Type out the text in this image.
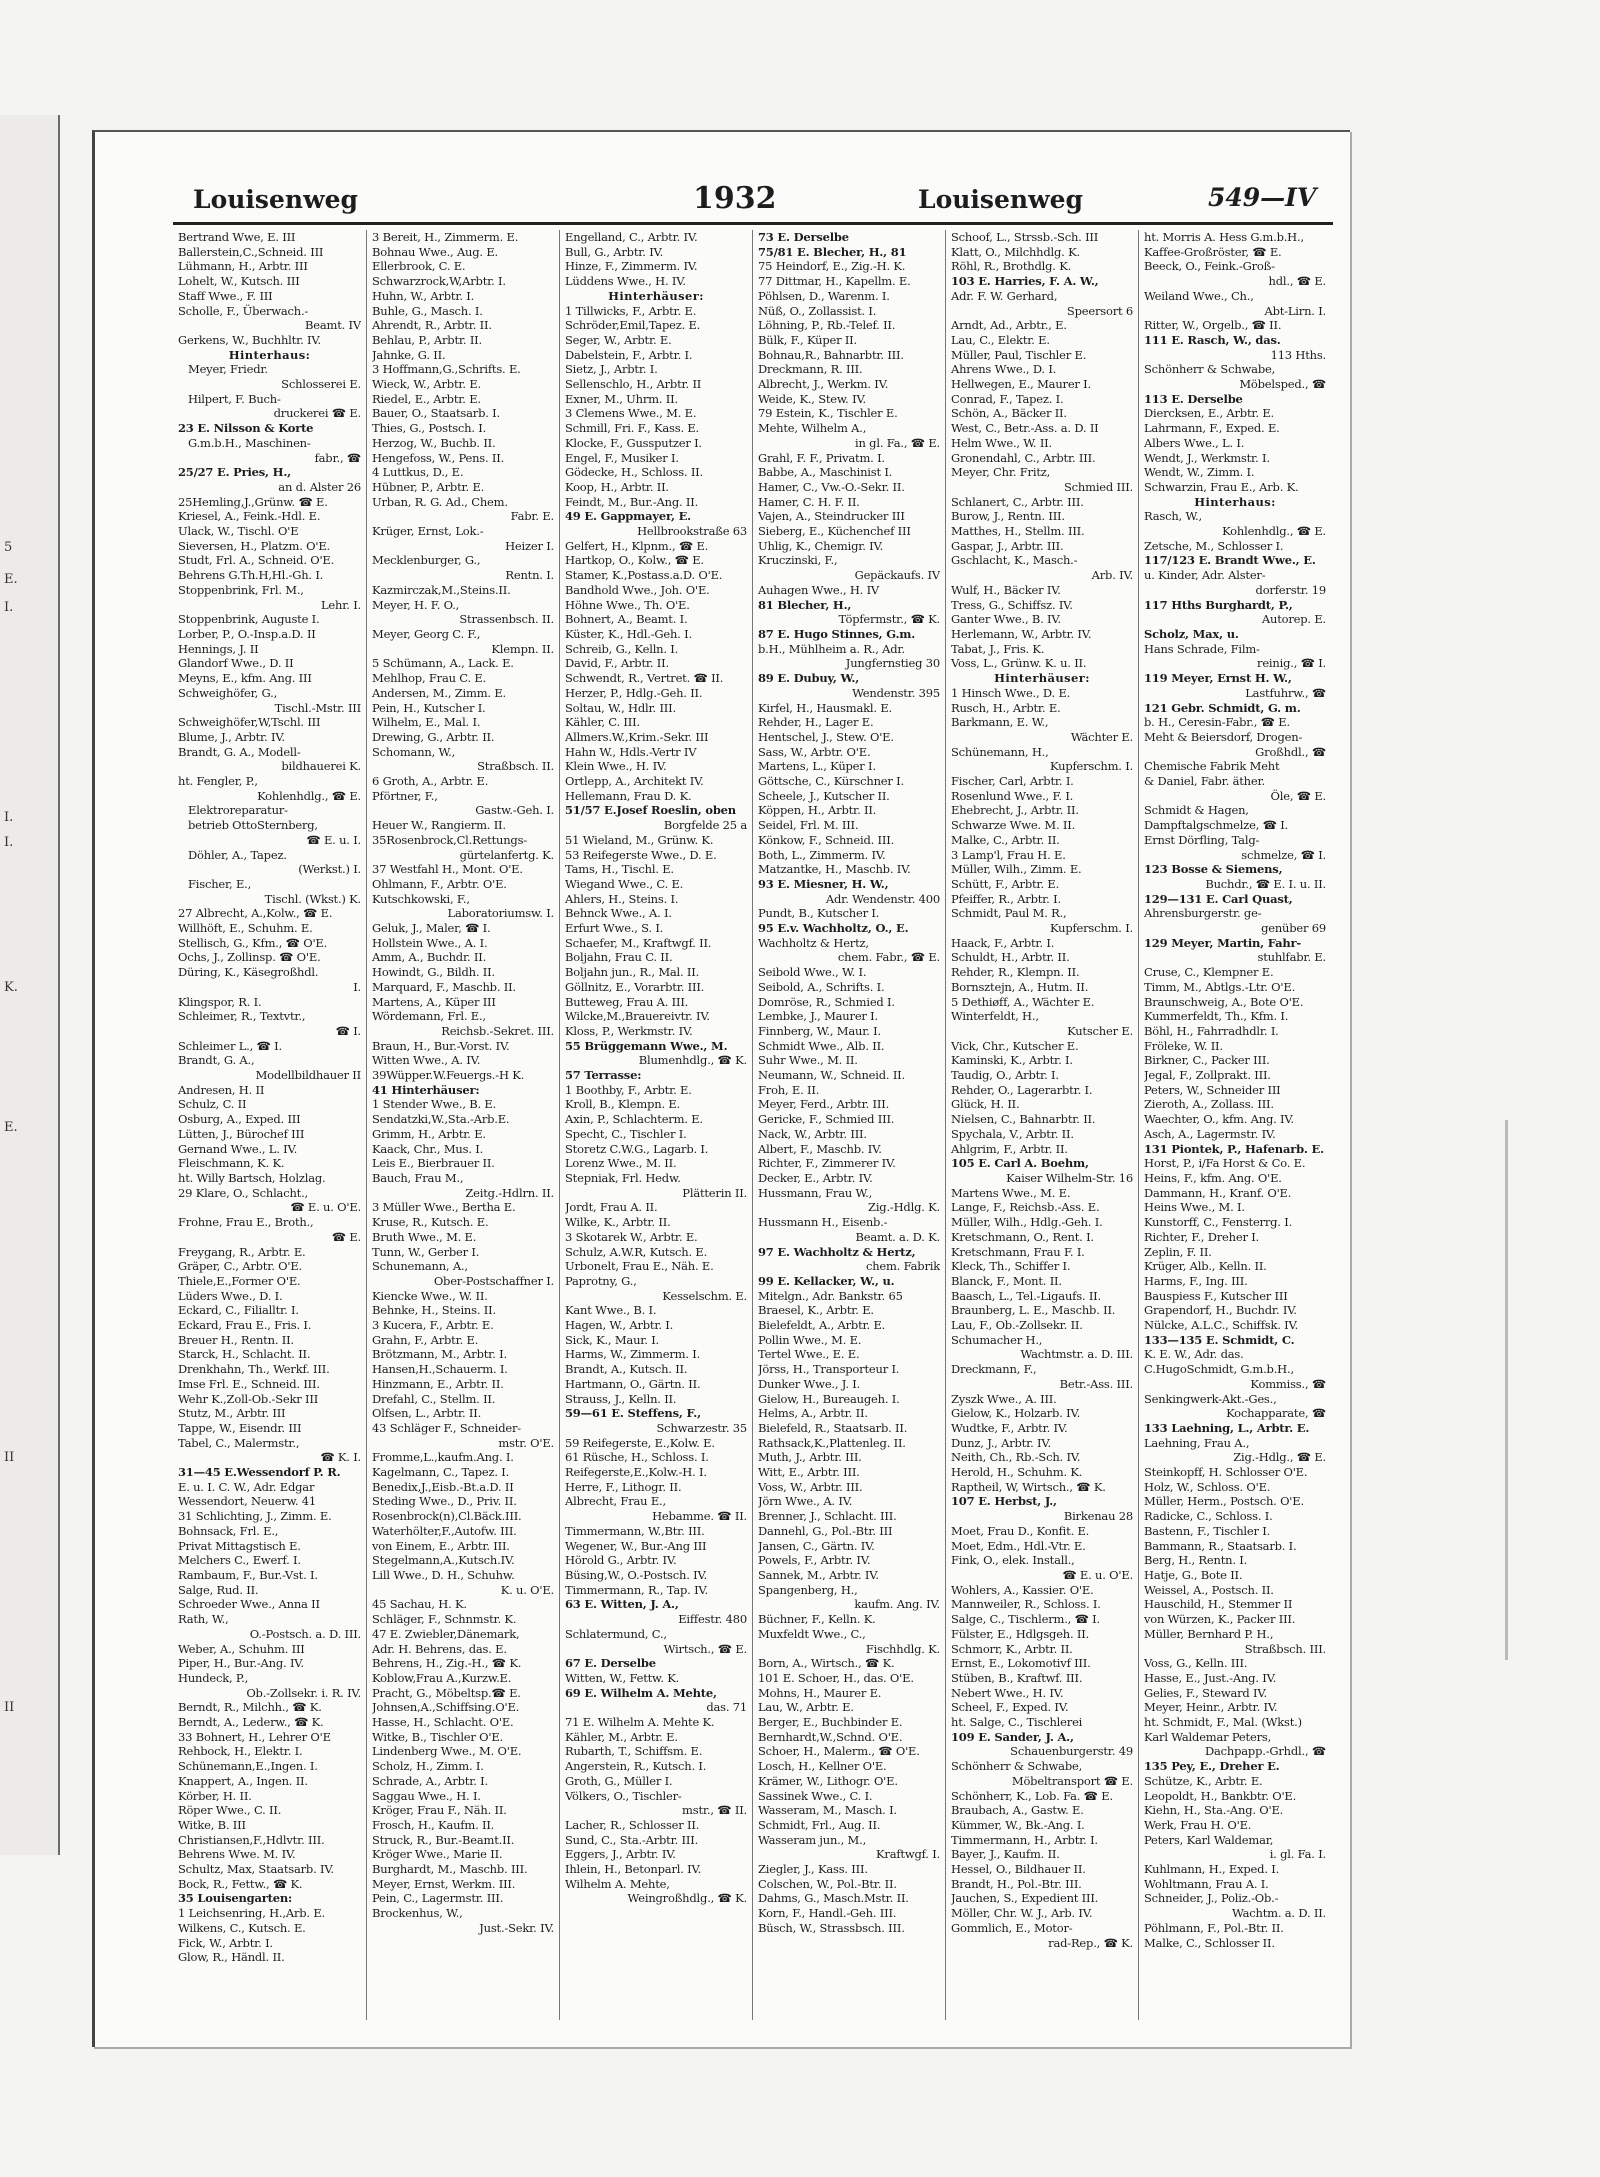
5
E.
I.
I.
I.
K.
E.
II
II
Louisenweg	1932	Louisenweg	549—IV
Bertrand Wwe, E. III
Ballerstein,C.,Schneid. III
Lühmann, H., Arbtr. III
Lohelt, W., Kutsch. III
Staff Wwe., F. III
Scholle, F., Überwach.-
Beamt. IV
Gerkens, W., Buchhltr. IV.
Hinterhaus:
Meyer, Friedr.
Schlosserei E.
Hilpert, F. Buch-
druckerei ☎ E.
23 E. Nilsson & Korte
G.m.b.H., Maschinen-
fabr., ☎
25/27 E. Pries, H.,
an d. Alster 26
25Hemling,J.,Grünw. ☎ E.
Kriesel, A., Feink.-Hdl. E.
Ulack, W., Tischl. O'E
Sieversen, H., Platzm. O'E.
Studt, Frl. A., Schneid. O'E.
Behrens G.Th.H,Hl.-Gh. I.
Stoppenbrink, Frl. M.,
Lehr. I.
Stoppenbrink, Auguste I.
Lorber, P., O.-Insp.a.D. II
Hennings, J. II
Glandorf Wwe., D. II
Meyns, E., kfm. Ang. III
Schweighöfer, G.,
Tischl.-Mstr. III
Schweighöfer,W,Tschl. III
Blume, J., Arbtr. IV.
Brandt, G. A., Modell-
bildhauerei K.
ht. Fengler, P.,
Kohlenhdlg., ☎ E.
Elektroreparatur-
betrieb OttoSternberg,
☎ E. u. I.
Döhler, A., Tapez.
(Werkst.) I.
Fischer, E.,
Tischl. (Wkst.) K.
27 Albrecht, A.,Kolw., ☎ E.
Willhöft, E., Schuhm. E.
Stellisch, G., Kfm., ☎ O'E.
Ochs, J., Zollinsp. ☎ O'E.
Düring, K., Käsegroßhdl.
I.
Klingspor, R. I.
Schleimer, R., Textvtr.,
☎ I.
Schleimer L., ☎ I.
Brandt, G. A.,
Modellbildhauer II
Andresen, H. II
Schulz, C. II
Osburg, A., Exped. III
Lütten, J., Bürochef III
Gernand Wwe., L. IV.
Fleischmann, K. K.
ht. Willy Bartsch, Holzlag.
29 Klare, O., Schlacht.,
☎ E. u. O'E.
Frohne, Frau E., Broth.,
☎ E.
Freygang, R., Arbtr. E.
Gräper, C., Arbtr. O'E.
Thiele,E.,Former O'E.
Lüders Wwe., D. I.
Eckard, C., Filialltr. I.
Eckard, Frau E., Fris. I.
Breuer H., Rentn. II.
Starck, H., Schlacht. II.
Drenkhahn, Th., Werkf. III.
Imse Frl. E., Schneid. III.
Wehr K.,Zoll-Ob.-Sekr III
Stutz, M., Arbtr. III
Tappe, W., Eisendr. III
Tabel, C., Malermstr.,
☎ K. I.
31—45 E.Wessendorf P. R.
E. u. I. C. W., Adr. Edgar
Wessendort, Neuerw. 41
31 Schlichting, J., Zimm. E.
Bohnsack, Frl. E.,
Privat Mittagstisch E.
Melchers C., Ewerf. I.
Rambaum, F., Bur.-Vst. I.
Salge, Rud. II.
Schroeder Wwe., Anna II
Rath, W.,
O.-Postsch. a. D. III.
Weber, A., Schuhm. III
Piper, H., Bur.-Ang. IV.
Hundeck, P.,
Ob.-Zollsekr. i. R. IV.
Berndt, R., Milchh., ☎ K.
Berndt, A., Lederw., ☎ K.
33 Bohnert, H., Lehrer O'E
Rehbock, H., Elektr. I.
Schünemann,E.,Ingen. I.
Knappert, A., Ingen. II.
Körber, H. II.
Röper Wwe., C. II.
Witke, B. III
Christiansen,F.,Hdlvtr. III.
Behrens Wwe. M. IV.
Schultz, Max, Staatsarb. IV.
Bock, R., Fettw., ☎ K.
35 Louisengarten:
1 Leichsenring, H.,Arb. E.
Wilkens, C., Kutsch. E.
Fick, W., Arbtr. I.
Glow, R., Händl. II.
3 Bereit, H., Zimmerm. E.
Bohnau Wwe., Aug. E.
Ellerbrook, C. E.
Schwarzrock,W,Arbtr. I.
Huhn, W., Arbtr. I.
Buhle, G., Masch. I.
Ahrendt, R., Arbtr. II.
Behlau, P., Arbtr. II.
Jahnke, G. II.
3 Hoffmann,G.,Schrifts. E.
Wieck, W., Arbtr. E.
Riedel, E., Arbtr. E.
Bauer, O., Staatsarb. I.
Thies, G., Postsch. I.
Herzog, W., Buchb. II.
Hengefoss, W., Pens. II.
4 Luttkus, D., E.
Hübner, P., Arbtr. E.
Urban, R. G. Ad., Chem.
Fabr. E.
Krüger, Ernst, Lok.-
Heizer I.
Mecklenburger, G.,
Rentn. I.
Kazmirczak,M.,Steins.II.
Meyer, H. F. O.,
Strassenbsch. II.
Meyer, Georg C. F.,
Klempn. II.
5 Schümann, A., Lack. E.
Mehlhop, Frau C. E.
Andersen, M., Zimm. E.
Pein, H., Kutscher I.
Wilhelm, E., Mal. I.
Drewing, G., Arbtr. II.
Schomann, W.,
Straßbsch. II.
6 Groth, A., Arbtr. E.
Pförtner, F.,
Gastw.-Geh. I.
Heuer W., Rangierm. II.
35Rosenbrock,Cl.Rettungs-
gürtelanfertg. K.
37 Westfahl H., Mont. O'E.
Ohlmann, F., Arbtr. O'E.
Kutschkowski, F.,
Laboratoriumsw. I.
Geluk, J., Maler, ☎ I.
Hollstein Wwe., A. I.
Amm, A., Buchdr. II.
Howindt, G., Bildh. II.
Marquard, F., Maschb. II.
Martens, A., Küper III
Wördemann, Frl. E.,
Reichsb.-Sekret. III.
Braun, H., Bur.-Vorst. IV.
Witten Wwe., A. IV.
39Wüpper.W.Feuergs.-H K.
41 Hinterhäuser:
1 Stender Wwe., B. E.
Sendatzki,W.,Sta.-Arb.E.
Grimm, H., Arbtr. E.
Kaack, Chr., Mus. I.
Leis E., Bierbrauer II.
Bauch, Frau M.,
Zeitg.-Hdlrn. II.
3 Müller Wwe., Bertha E.
Kruse, R., Kutsch. E.
Bruth Wwe., M. E.
Tunn, W., Gerber I.
Schunemann, A.,
Ober-Postschaffner I.
Kiencke Wwe., W. II.
Behnke, H., Steins. II.
3 Kucera, F., Arbtr. E.
Grahn, F., Arbtr. E.
Brötzmann, M., Arbtr. I.
Hansen,H.,Schauerm. I.
Hinzmann, E., Arbtr. II.
Drefahl, C., Stellm. II.
Olfsen, L., Arbtr. II.
43 Schläger F., Schneider-
mstr. O'E.
Fromme,L.,kaufm.Ang. I.
Kagelmann, C., Tapez. I.
Benedix,J.,Eisb.-Bt.a.D. II
Steding Wwe., D., Priv. II.
Rosenbrock(n),Cl.Bäck.III.
Waterhölter,F.,Autofw. III.
von Einem, E., Arbtr. III.
Stegelmann,A.,Kutsch.IV.
Lill Wwe., D. H., Schuhw.
K. u. O'E.
45 Sachau, H. K.
Schläger, F., Schnmstr. K.
47 E. Zwiebler,Dänemark,
Adr. H. Behrens, das. E.
Behrens, H., Zig.-H., ☎ K.
Koblow,Frau A.,Kurzw.E.
Pracht, G., Möbeltsp.☎ E.
Johnsen,A.,Schiffsing.O'E.
Hasse, H., Schlacht. O'E.
Witke, B., Tischler O'E.
Lindenberg Wwe., M. O'E.
Scholz, H., Zimm. I.
Schrade, A., Arbtr. I.
Saggau Wwe., H. I.
Kröger, Frau F., Näh. II.
Frosch, H., Kaufm. II.
Struck, R., Bur.-Beamt.II.
Kröger Wwe., Marie II.
Burghardt, M., Maschb. III.
Meyer, Ernst, Werkm. III.
Pein, C., Lagermstr. III.
Brockenhus, W.,
Just.-Sekr. IV.
Engelland, C., Arbtr. IV.
Bull, G., Arbtr. IV.
Hinze, F., Zimmerm. IV.
Lüddens Wwe., H. IV.
Hinterhäuser:
1 Tillwicks, F., Arbtr. E.
Schröder,Emil,Tapez. E.
Seger, W., Arbtr. E.
Dabelstein, F., Arbtr. I.
Sietz, J., Arbtr. I.
Sellenschlo, H., Arbtr. II
Exner, M., Uhrm. II.
3 Clemens Wwe., M. E.
Schmill, Fri. F., Kass. E.
Klocke, F., Gussputzer I.
Engel, F., Musiker I.
Gödecke, H., Schloss. II.
Koop, H., Arbtr. II.
Feindt, M., Bur.-Ang. II.
49 E. Gappmayer, E.
Hellbrookstraße 63
Gelfert, H., Klpnm., ☎ E.
Hartkop, O., Kolw., ☎ E.
Stamer, K.,Postass.a.D. O'E.
Bandhold Wwe., Joh. O'E.
Höhne Wwe., Th. O'E.
Bohnert, A., Beamt. I.
Küster, K., Hdl.-Geh. I.
Schreib, G., Kelln. I.
David, F., Arbtr. II.
Schwendt, R., Vertret. ☎ II.
Herzer, P., Hdlg.-Geh. II.
Soltau, W., Hdlr. III.
Kähler, C. III.
Allmers.W.,Krim.-Sekr. III
Hahn W., Hdls.-Vertr IV
Klein Wwe., H. IV.
Ortlepp, A., Architekt IV.
Hellemann, Frau D. K.
51/57 E.Josef Roeslin, oben
Borgfelde 25 a
51 Wieland, M., Grünw. K.
53 Reifegerste Wwe., D. E.
Tams, H., Tischl. E.
Wiegand Wwe., C. E.
Ahlers, H., Steins. I.
Behnck Wwe., A. I.
Erfurt Wwe., S. I.
Schaefer, M., Kraftwgf. II.
Boljahn, Frau C. II.
Boljahn jun., R., Mal. II.
Göllnitz, E., Vorarbtr. III.
Butteweg, Frau A. III.
Wilcke,M.,Brauereivtr. IV.
Kloss, P., Werkmstr. IV.
55 Brüggemann Wwe., M.
Blumenhdlg., ☎ K.
57 Terrasse:
1 Boothby, F., Arbtr. E.
Kroll, B., Klempn. E.
Axin, P., Schlachterm. E.
Specht, C., Tischler I.
Storetz C.W.G., Lagarb. I.
Lorenz Wwe., M. II.
Stepniak, Frl. Hedw.
Plätterin II.
Jordt, Frau A. II.
Wilke, K., Arbtr. II.
3 Skotarek W., Arbtr. E.
Schulz, A.W.R, Kutsch. E.
Urbonelt, Frau E., Näh. E.
Paprotny, G.,
Kesselschm. E.
Kant Wwe., B. I.
Hagen, W., Arbtr. I.
Sick, K., Maur. I.
Harms, W., Zimmerm. I.
Brandt, A., Kutsch. II.
Hartmann, O., Gärtn. II.
Strauss, J., Kelln. II.
59—61 E. Steffens, F.,
Schwarzestr. 35
59 Reifegerste, E.,Kolw. E.
61 Rüsche, H., Schloss. I.
Reifegerste,E.,Kolw.-H. I.
Herre, F., Lithogr. II.
Albrecht, Frau E.,
Hebamme. ☎ II.
Timmermann, W.,Btr. III.
Wegener, W., Bur.-Ang III
Hörold G., Arbtr. IV.
Büsing,W., O.-Postsch. IV.
Timmermann, R., Tap. IV.
63 E. Witten, J. A.,
Eiffestr. 480
Schlatermund, C.,
Wirtsch., ☎ E.
67 E. Derselbe
Witten, W., Fettw. K.
69 E. Wilhelm A. Mehte,
das. 71
71 E. Wilhelm A. Mehte K.
Kähler, M., Arbtr. E.
Rubarth, T., Schiffsm. E.
Angerstein, R., Kutsch. I.
Groth, G., Müller I.
Völkers, O., Tischler-
mstr., ☎ II.
Lacher, R., Schlosser II.
Sund, C., Sta.-Arbtr. III.
Eggers, J., Arbtr. IV.
Ihlein, H., Betonparl. IV.
Wilhelm A. Mehte,
Weingroßhdlg., ☎ K.
73 E. Derselbe
75/81 E. Blecher, H., 81
75 Heindorf, E., Zig.-H. K.
77 Dittmar, H., Kapellm. E.
Pöhlsen, D., Warenm. I.
Nüß, O., Zollassist. I.
Löhning, P., Rb.-Telef. II.
Bülk, F., Küper II.
Bohnau,R., Bahnarbtr. III.
Dreckmann, R. III.
Albrecht, J., Werkm. IV.
Weide, K., Stew. IV.
79 Estein, K., Tischler E.
Mehte, Wilhelm A.,
in gl. Fa., ☎ E.
Grahl, F. F., Privatm. I.
Babbe, A., Maschinist I.
Hamer, C., Vw.-O.-Sekr. II.
Hamer, C. H. F. II.
Vajen, A., Steindrucker III
Sieberg, E., Küchenchef III
Uhlig, K., Chemigr. IV.
Kruczinski, F.,
Gepäckaufs. IV
Auhagen Wwe., H. IV
81 Blecher, H.,
Töpfermstr., ☎ K.
87 E. Hugo Stinnes, G.m.
b.H., Mühlheim a. R., Adr.
Jungfernstieg 30
89 E. Dubuy, W.,
Wendenstr. 395
Kirfel, H., Hausmakl. E.
Rehder, H., Lager E.
Hentschel, J., Stew. O'E.
Sass, W., Arbtr. O'E.
Martens, L., Küper I.
Göttsche, C., Kürschner I.
Scheele, J., Kutscher II.
Köppen, H., Arbtr. II.
Seidel, Frl. M. III.
Könkow, F., Schneid. III.
Both, L., Zimmerm. IV.
Matzantke, H., Maschb. IV.
93 E. Miesner, H. W.,
Adr. Wendenstr. 400
Pundt, B., Kutscher I.
95 E.v. Wachholtz, O., E.
Wachholtz & Hertz,
chem. Fabr., ☎ E.
Seibold Wwe., W. I.
Seibold, A., Schrifts. I.
Domröse, R., Schmied I.
Lembke, J., Maurer I.
Finnberg, W., Maur. I.
Schmidt Wwe., Alb. II.
Suhr Wwe., M. II.
Neumann, W., Schneid. II.
Froh, E. II.
Meyer, Ferd., Arbtr. III.
Gericke, F., Schmied III.
Nack, W., Arbtr. III.
Albert, F., Maschb. IV.
Richter, F., Zimmerer IV.
Decker, E., Arbtr. IV.
Hussmann, Frau W.,
Zig.-Hdlg. K.
Hussmann H., Eisenb.-
Beamt. a. D. K.
97 E. Wachholtz & Hertz,
chem. Fabrik
99 E. Kellacker, W., u.
Mitelgn., Adr. Bankstr. 65
Braesel, K., Arbtr. E.
Bielefeldt, A., Arbtr. E.
Pollin Wwe., M. E.
Tertel Wwe., E. E.
Jörss, H., Transporteur I.
Dunker Wwe., J. I.
Gielow, H., Bureaugeh. I.
Helms, A., Arbtr. II.
Bielefeld, R., Staatsarb. II.
Rathsack,K.,Plattenleg. II.
Muth, J., Arbtr. III.
Witt, E., Arbtr. III.
Voss, W., Arbtr. III.
Jörn Wwe., A. IV.
Brenner, J., Schlacht. III.
Dannehl, G., Pol.-Btr. III
Jansen, C., Gärtn. IV.
Powels, F., Arbtr. IV.
Sannek, M., Arbtr. IV.
Spangenberg, H.,
kaufm. Ang. IV.
Büchner, F., Kelln. K.
Muxfeldt Wwe., C.,
Fischhdlg. K.
Born, A., Wirtsch., ☎ K.
101 E. Schoer, H., das. O'E.
Mohns, H., Maurer E.
Lau, W., Arbtr. E.
Berger, E., Buchbinder E.
Bernhardt,W.,Schnd. O'E.
Schoer, H., Malerm., ☎ O'E.
Losch, H., Kellner O'E.
Krämer, W., Lithogr. O'E.
Sassinek Wwe., C. I.
Wasseram, M., Masch. I.
Schmidt, Frl., Aug. II.
Wasseram jun., M.,
Kraftwgf. I.
Ziegler, J., Kass. III.
Colschen, W., Pol.-Btr. II.
Dahms, G., Masch.Mstr. II.
Korn, F., Handl.-Geh. III.
Büsch, W., Strassbsch. III.
Schoof, L., Strssb.-Sch. III
Klatt, O., Milchhdlg. K.
Röhl, R., Brothdlg. K.
103 E. Harries, F. A. W.,
Adr. F. W. Gerhard,
Speersort 6
Arndt, Ad., Arbtr., E.
Lau, C., Elektr. E.
Müller, Paul, Tischler E.
Ahrens Wwe., D. I.
Hellwegen, E., Maurer I.
Conrad, F., Tapez. I.
Schön, A., Bäcker II.
West, C., Betr.-Ass. a. D. II
Helm Wwe., W. II.
Gronendahl, C., Arbtr. III.
Meyer, Chr. Fritz,
Schmied III.
Schlanert, C., Arbtr. III.
Burow, J., Rentn. III.
Matthes, H., Stellm. III.
Gaspar, J., Arbtr. III.
Gschlacht, K., Masch.-
Arb. IV.
Wulf, H., Bäcker IV.
Tress, G., Schiffsz. IV.
Ganter Wwe., B. IV.
Herlemann, W., Arbtr. IV.
Tabat, J., Fris. K.
Voss, L., Grünw. K. u. II.
Hinterhäuser:
1 Hinsch Wwe., D. E.
Rusch, H., Arbtr. E.
Barkmann, E. W.,
Wächter E.
Schünemann, H.,
Kupferschm. I.
Fischer, Carl, Arbtr. I.
Rosenlund Wwe., F. I.
Ehebrecht, J., Arbtr. II.
Schwarze Wwe. M. II.
Malke, C., Arbtr. II.
3 Lamp'l, Frau H. E.
Müller, Wilh., Zimm. E.
Schütt, F., Arbtr. E.
Pfeiffer, R., Arbtr. I.
Schmidt, Paul M. R.,
Kupferschm. I.
Haack, F., Arbtr. I.
Schuldt, H., Arbtr. II.
Rehder, R., Klempn. II.
Bornsztejn, A., Hutm. II.
5 Dethiøff, A., Wächter E.
Winterfeldt, H.,
Kutscher E.
Vick, Chr., Kutscher E.
Kaminski, K., Arbtr. I.
Taudig, O., Arbtr. I.
Rehder, O., Lagerarbtr. I.
Glück, H. II.
Nielsen, C., Bahnarbtr. II.
Spychala, V., Arbtr. II.
Ahlgrim, F., Arbtr. II.
105 E. Carl A. Boehm,
Kaiser Wilhelm-Str. 16
Martens Wwe., M. E.
Lange, F., Reichsb.-Ass. E.
Müller, Wilh., Hdlg.-Geh. I.
Kretschmann, O., Rent. I.
Kretschmann, Frau F. I.
Kleck, Th., Schiffer I.
Blanck, F., Mont. II.
Baasch, L., Tel.-Ligaufs. II.
Braunberg, L. E., Maschb. II.
Lau, F., Ob.-Zollsekr. II.
Schumacher H.,
Wachtmstr. a. D. III.
Dreckmann, F.,
Betr.-Ass. III.
Zyszk Wwe., A. III.
Gielow, K., Holzarb. IV.
Wudtke, F., Arbtr. IV.
Dunz, J., Arbtr. IV.
Neith, Ch., Rb.-Sch. IV.
Herold, H., Schuhm. K.
Raptheil, W, Wirtsch., ☎ K.
107 E. Herbst, J.,
Birkenau 28
Moet, Frau D., Konfit. E.
Moet, Edm., Hdl.-Vtr. E.
Fink, O., elek. Install.,
☎ E. u. O'E.
Wohlers, A., Kassier. O'E.
Mannweiler, R., Schloss. I.
Salge, C., Tischlerm., ☎ I.
Fülster, E., Hdlgsgeh. II.
Schmorr, K., Arbtr. II.
Ernst, E., Lokomotivf III.
Stüben, B., Kraftwf. III.
Nebert Wwe., H. IV.
Scheel, F., Exped. IV.
ht. Salge, C., Tischlerei
109 E. Sander, J. A.,
Schauenburgerstr. 49
Schönherr & Schwabe,
Möbeltransport ☎ E.
Schönherr, K., Lob. Fa. ☎ E.
Braubach, A., Gastw. E.
Kümmer, W., Bk.-Ang. I.
Timmermann, H., Arbtr. I.
Bayer, J., Kaufm. II.
Hessel, O., Bildhauer II.
Brandt, H., Pol.-Btr. III.
Jauchen, S., Expedient III.
Möller, Chr. W. J., Arb. IV.
Gommlich, E., Motor-
rad-Rep., ☎ K.
ht. Morris A. Hess G.m.b.H.,
Kaffee-Großröster, ☎ E.
Beeck, O., Feink.-Groß-
hdl., ☎ E.
Weiland Wwe., Ch.,
Abt-Lirn. I.
Ritter, W., Orgelb., ☎ II.
111 E. Rasch, W., das.
113 Hths.
Schönherr & Schwabe,
Möbelsped., ☎
113 E. Derselbe
Diercksen, E., Arbtr. E.
Lahrmann, F., Exped. E.
Albers Wwe., L. I.
Wendt, J., Werkmstr. I.
Wendt, W., Zimm. I.
Schwarzin, Frau E., Arb. K.
Hinterhaus:
Rasch, W.,
Kohlenhdlg., ☎ E.
Zetsche, M., Schlosser I.
117/123 E. Brandt Wwe., E.
u. Kinder, Adr. Alster-
dorferstr. 19
117 Hths Burghardt, P.,
Autorep. E.
Scholz, Max, u.
Hans Schrade, Film-
reinig., ☎ I.
119 Meyer, Ernst H. W.,
Lastfuhrw., ☎
121 Gebr. Schmidt, G. m.
b. H., Ceresin-Fabr., ☎ E.
Meht & Beiersdorf, Drogen-
Großhdl., ☎
Chemische Fabrik Meht
& Daniel, Fabr. äther.
Öle, ☎ E.
Schmidt & Hagen,
Dampftalgschmelze, ☎ I.
Ernst Dörfling, Talg-
schmelze, ☎ I.
123 Bosse & Siemens,
Buchdr., ☎ E. I. u. II.
129—131 E. Carl Quast,
Ahrensburgerstr. ge-
genüber 69
129 Meyer, Martin, Fahr-
stuhlfabr. E.
Cruse, C., Klempner E.
Timm, M., Abtlgs.-Ltr. O'E.
Braunschweig, A., Bote O'E.
Kummerfeldt, Th., Kfm. I.
Böhl, H., Fahrradhdlr. I.
Fröleke, W. II.
Birkner, C., Packer III.
Jegal, F., Zollprakt. III.
Peters, W., Schneider III
Zieroth, A., Zollass. III.
Waechter, O., kfm. Ang. IV.
Asch, A., Lagermstr. IV.
131 Piontek, P., Hafenarb. E.
Horst, P., i/Fa Horst & Co. E.
Heins, F., kfm. Ang. O'E.
Dammann, H., Kranf. O'E.
Heins Wwe., M. I.
Kunstorff, C., Fensterrg. I.
Richter, F., Dreher I.
Zeplin, F. II.
Krüger, Alb., Kelln. II.
Harms, F., Ing. III.
Bauspiess F., Kutscher III
Grapendorf, H., Buchdr. IV.
Nülcke, A.L.C., Schiffsk. IV.
133—135 E. Schmidt, C.
K. E. W., Adr. das.
C.HugoSchmidt, G.m.b.H.,
Kommiss., ☎
Senkingwerk-Akt.-Ges.,
Kochapparate, ☎
133 Laehning, L., Arbtr. E.
Laehning, Frau A.,
Zig.-Hdlg., ☎ E.
Steinkopff, H. Schlosser O'E.
Holz, W., Schloss. O'E.
Müller, Herm., Postsch. O'E.
Radicke, C., Schloss. I.
Bastenn, F., Tischler I.
Bammann, R., Staatsarb. I.
Berg, H., Rentn. I.
Hatje, G., Bote II.
Weissel, A., Postsch. II.
Hauschild, H., Stemmer II
von Würzen, K., Packer III.
Müller, Bernhard P. H.,
Straßbsch. III.
Voss, G., Kelln. III.
Hasse, E., Just.-Ang. IV.
Gelies, F., Steward IV.
Meyer, Heinr., Arbtr. IV.
ht. Schmidt, F., Mal. (Wkst.)
Karl Waldemar Peters,
Dachpapp.-Grhdl., ☎
135 Pey, E., Dreher E.
Schütze, K., Arbtr. E.
Leopoldt, H., Bankbtr. O'E.
Kiehn, H., Sta.-Ang. O'E.
Werk, Frau H. O'E.
Peters, Karl Waldemar,
i. gl. Fa. I.
Kuhlmann, H., Exped. I.
Wohltmann, Frau A. I.
Schneider, J., Poliz.-Ob.-
Wachtm. a. D. II.
Pöhlmann, F., Pol.-Btr. II.
Malke, C., Schlosser II.
